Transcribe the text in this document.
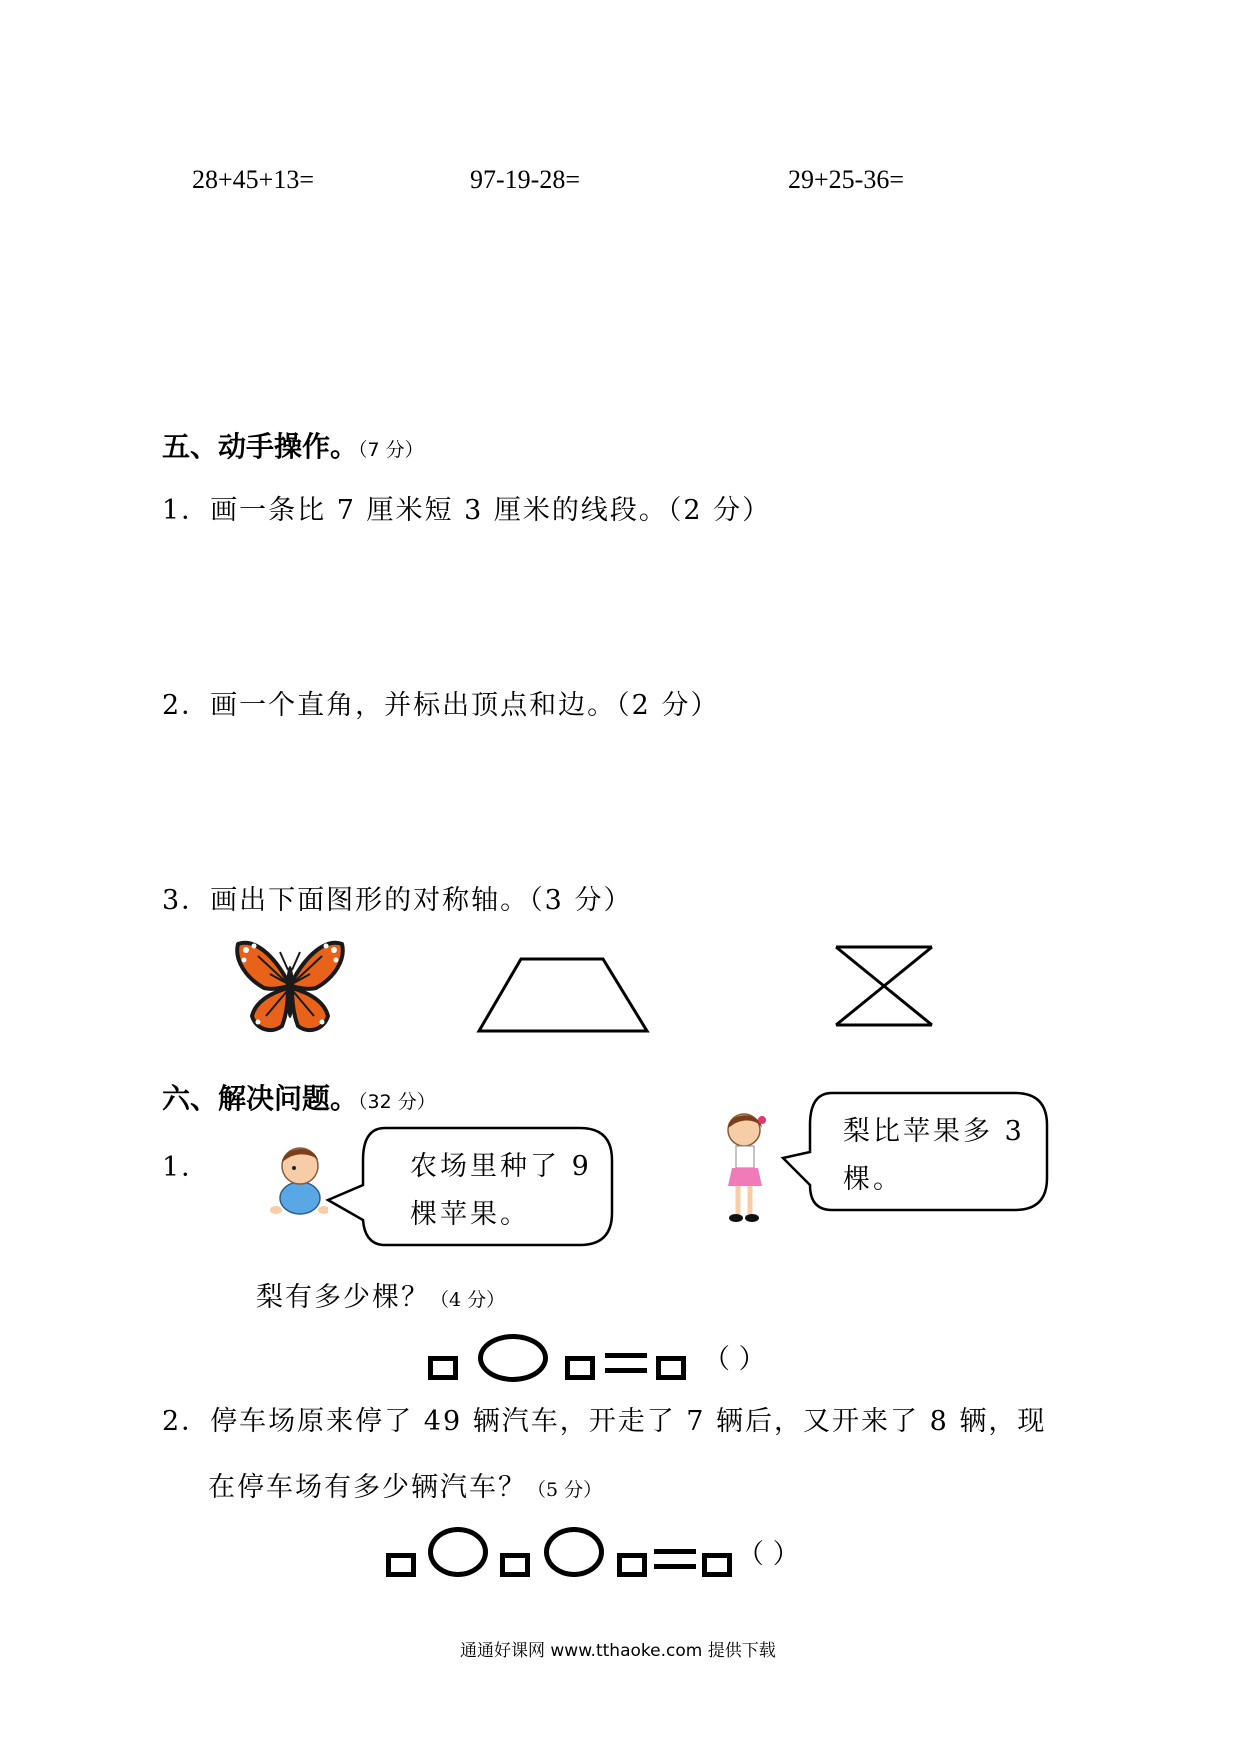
28+45+13=	97-19-28=	29+25-36=
五、动手操作。（7 分）
1．画一条比 7 厘米短 3 厘米的线段。（2 分）
2．画一个直角，并标出顶点和边。（2 分）
3．画出下面图形的对称轴。（3 分）
六、解决问题。（32 分）
1．	农场里种了 9
棵苹果。
梨比苹果多 3
棵。
梨有多少棵？（4 分）
（ ）
2．停车场原来停了 49 辆汽车，开走了 7 辆后，又开来了 8 辆，现
在停车场有多少辆汽车？（5 分）
（ ）
通通好课网 www.tthaoke.com 提供下载
